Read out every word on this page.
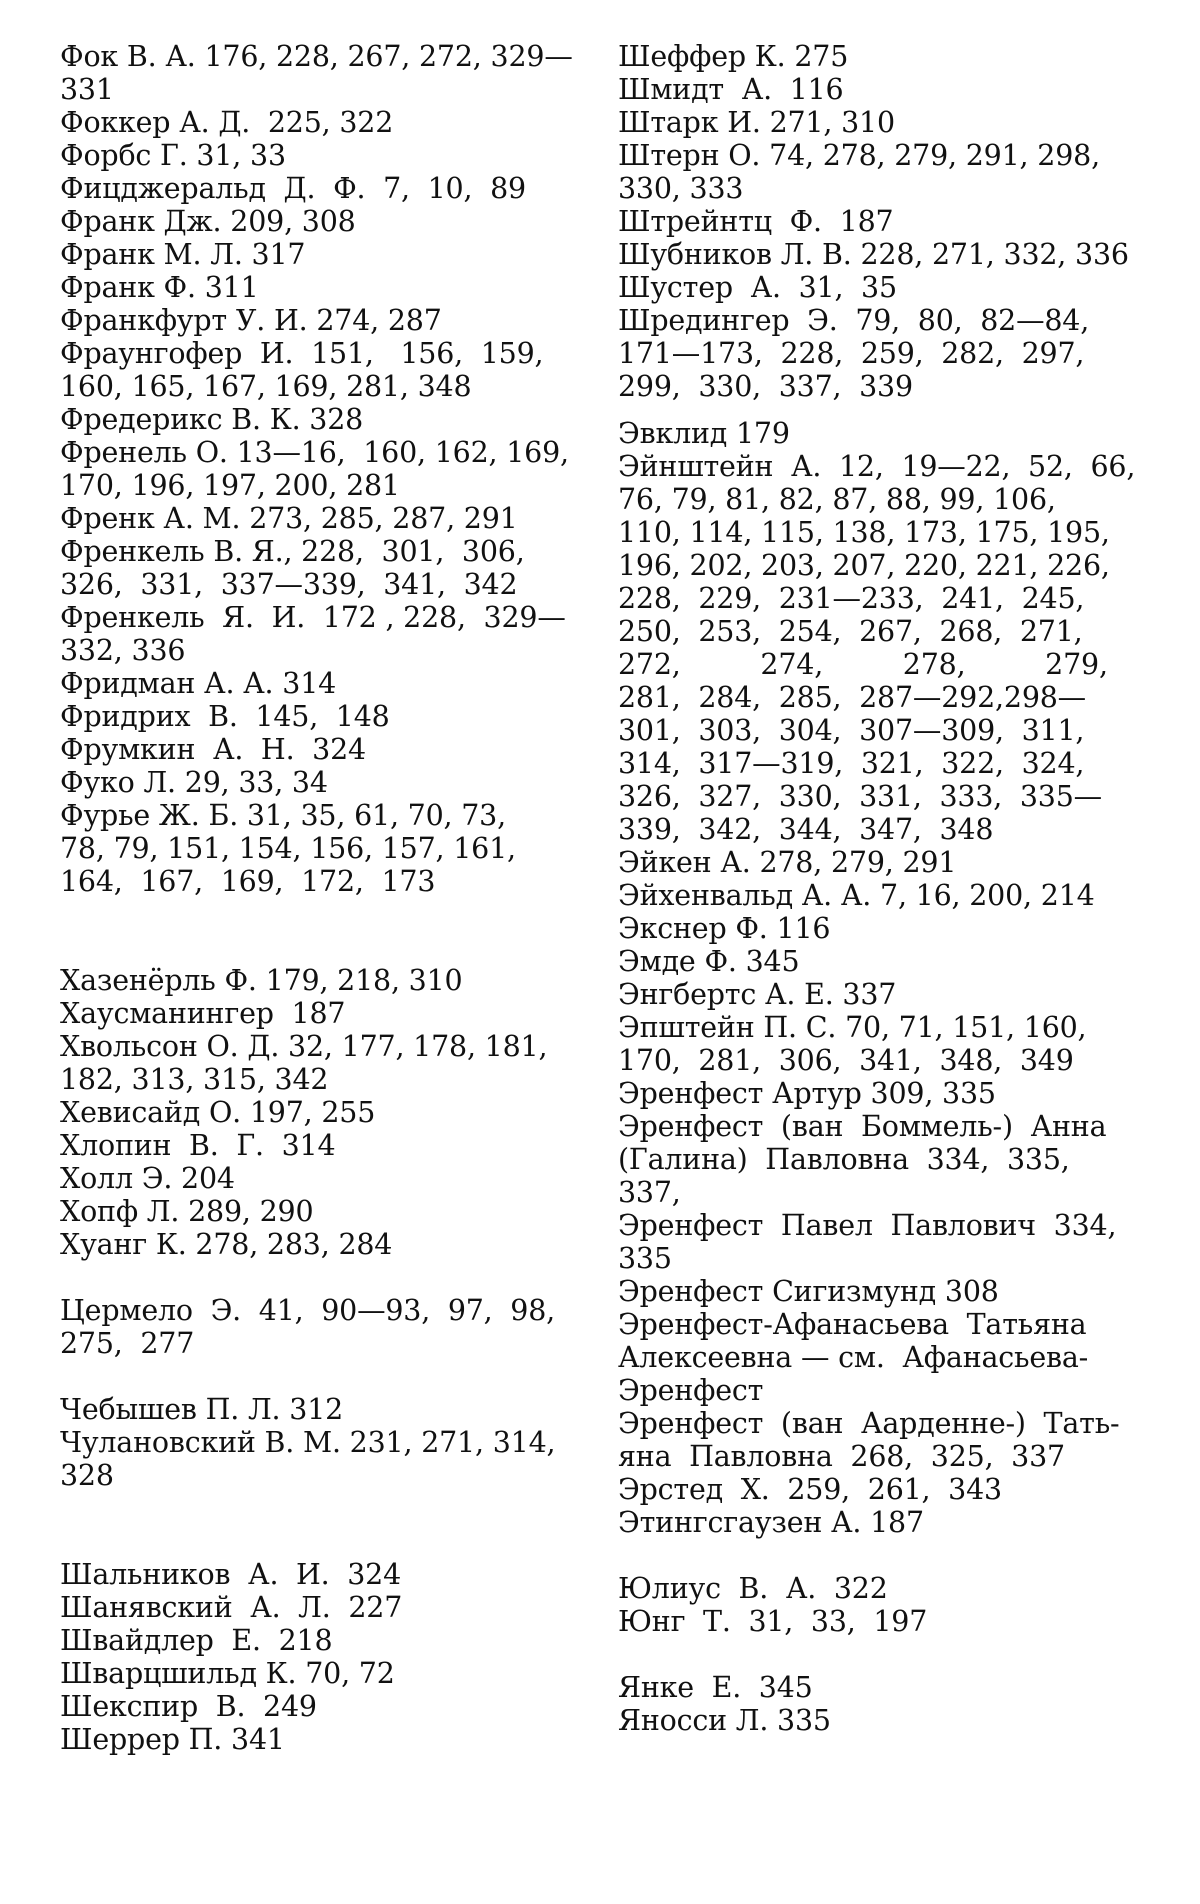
Фок В. А. 176, 228, 267, 272, 329—
331
Фоккер А. Д.  225, 322
Форбс Г. 31, 33
Фицджеральд  Д.  Ф.  7,  10,  89
Франк Дж. 209, 308
Франк М. Л. 317
Франк Ф. 311
Франкфурт У. И. 274, 287
Фраунгофер  И.  151,   156,  159,
160, 165, 167, 169, 281, 348
Фредерикс В. К. 328
Френель О. 13—16,  160, 162, 169,
170, 196, 197, 200, 281
Френк А. М. 273, 285, 287, 291
Френкель В. Я., 228,  301,  306,
326,  331,  337—339,  341,  342
Френкель  Я.  И.  172 , 228,  329—
332, 336
Фридман А. А. 314
Фридрих  В.  145,  148
Фрумкин  А.  Н.  324
Фуко Л. 29, 33, 34
Фурье Ж. Б. 31, 35, 61, 70, 73,
78, 79, 151, 154, 156, 157, 161,
164,  167,  169,  172,  173
Хазенёрль Ф. 179, 218, 310
Хаусманингер  187
Хвольсон О. Д. 32, 177, 178, 181,
182, 313, 315, 342
Хевисайд О. 197, 255
Хлопин  В.  Г.  314
Холл Э. 204
Хопф Л. 289, 290
Хуанг К. 278, 283, 284
Цермело  Э.  41,  90—93,  97,  98,
275,  277
Чебышев П. Л. 312
Чулановский В. М. 231, 271, 314,
328
Шальников  А.  И.  324
Шанявский  А.  Л.  227
Швайдлер  Е.  218
Шварцшильд К. 70, 72
Шекспир  В.  249
Шеррер П. 341
Шеффер К. 275
Шмидт  А.  116
Штарк И. 271, 310
Штерн О. 74, 278, 279, 291, 298,
330, 333
Штрейнтц  Ф.  187
Шубников Л. В. 228, 271, 332, 336
Шустер  А.  31,  35
Шредингер  Э.  79,  80,  82—84,
171—173,  228,  259,  282,  297,
299,  330,  337,  339
Эвклид 179
Эйнштейн  А.  12,  19—22,  52,  66,
76, 79, 81, 82, 87, 88, 99, 106,
110, 114, 115, 138, 173, 175, 195,
196, 202, 203, 207, 220, 221, 226,
228,  229,  231—233,  241,  245,
250,  253,  254,  267,  268,  271,
272,         274,         278,         279,
281,  284,  285,  287—292,298—
301,  303,  304,  307—309,  311,
314,  317—319,  321,  322,  324,
326,  327,  330,  331,  333,  335—
339,  342,  344,  347,  348
Эйкен А. 278, 279, 291
Эйхенвальд А. А. 7, 16, 200, 214
Экснер Ф. 116
Эмде Ф. 345
Энгбертс А. Е. 337
Эпштейн П. С. 70, 71, 151, 160,
170,  281,  306,  341,  348,  349
Эренфест Артур 309, 335
Эренфест  (ван  Боммель-)  Анна
(Галина)  Павловна  334,  335,
337,
Эренфест  Павел  Павлович  334,
335
Эренфест Сигизмунд 308
Эренфест-Афанасьева  Татьяна
Алексеевна — см.  Афанасьева-
Эренфест
Эренфест  (ван  Аарденне-)  Тать-
яна  Павловна  268,  325,  337
Эрстед  Х.  259,  261,  343
Этингсгаузен А. 187
Юлиус  В.  А.  322
Юнг  Т.  31,  33,  197
Янке  Е.  345
Яносси Л. 335
